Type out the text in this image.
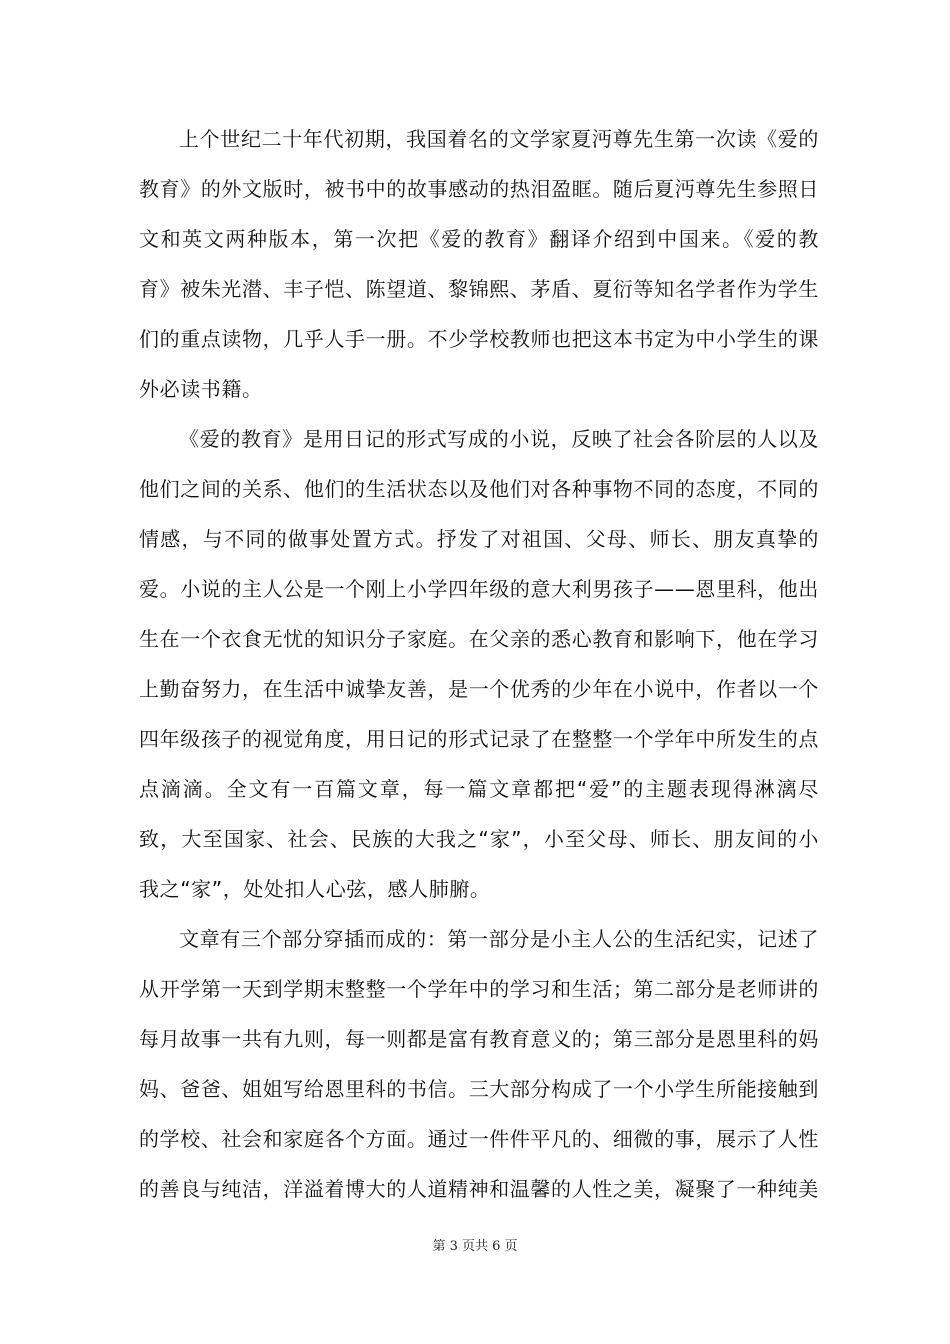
上个世纪二十年代初期，我国着名的文学家夏沔尊先生第一次读《爱的教育》的外文版时，被书中的故事感动的热泪盈眶。随后夏沔尊先生参照日文和英文两种版本，第一次把《爱的教育》翻译介绍到中国来。《爱的教育》被朱光潜、丰子恺、陈望道、黎锦熙、茅盾、夏衍等知名学者作为学生们的重点读物，几乎人手一册。不少学校教师也把这本书定为中小学生的课外必读书籍。

《爱的教育》是用日记的形式写成的小说，反映了社会各阶层的人以及他们之间的关系、他们的生活状态以及他们对各种事物不同的态度，不同的情感，与不同的做事处置方式。抒发了对祖国、父母、师长、朋友真挚的爱。小说的主人公是一个刚上小学四年级的意大利男孩子——恩里科，他出生在一个衣食无忧的知识分子家庭。在父亲的悉心教育和影响下，他在学习上勤奋努力，在生活中诚挚友善，是一个优秀的少年在小说中，作者以一个四年级孩子的视觉角度，用日记的形式记录了在整整一个学年中所发生的点点滴滴。全文有一百篇文章，每一篇文章都把“爱”的主题表现得淋漓尽致，大至国家、社会、民族的大我之“家”，小至父母、师长、朋友间的小我之“家”，处处扣人心弦，感人肺腑。

文章有三个部分穿插而成的：第一部分是小主人公的生活纪实，记述了从开学第一天到学期末整整一个学年中的学习和生活；第二部分是老师讲的每月故事一共有九则，每一则都是富有教育意义的；第三部分是恩里科的妈妈、爸爸、姐姐写给恩里科的书信。三大部分构成了一个小学生所能接触到的学校、社会和家庭各个方面。通过一件件平凡的、细微的事，展示了人性的善良与纯洁，洋溢着博大的人道精神和温馨的人性之美，凝聚了一种纯美

第 3 页共 6 页
